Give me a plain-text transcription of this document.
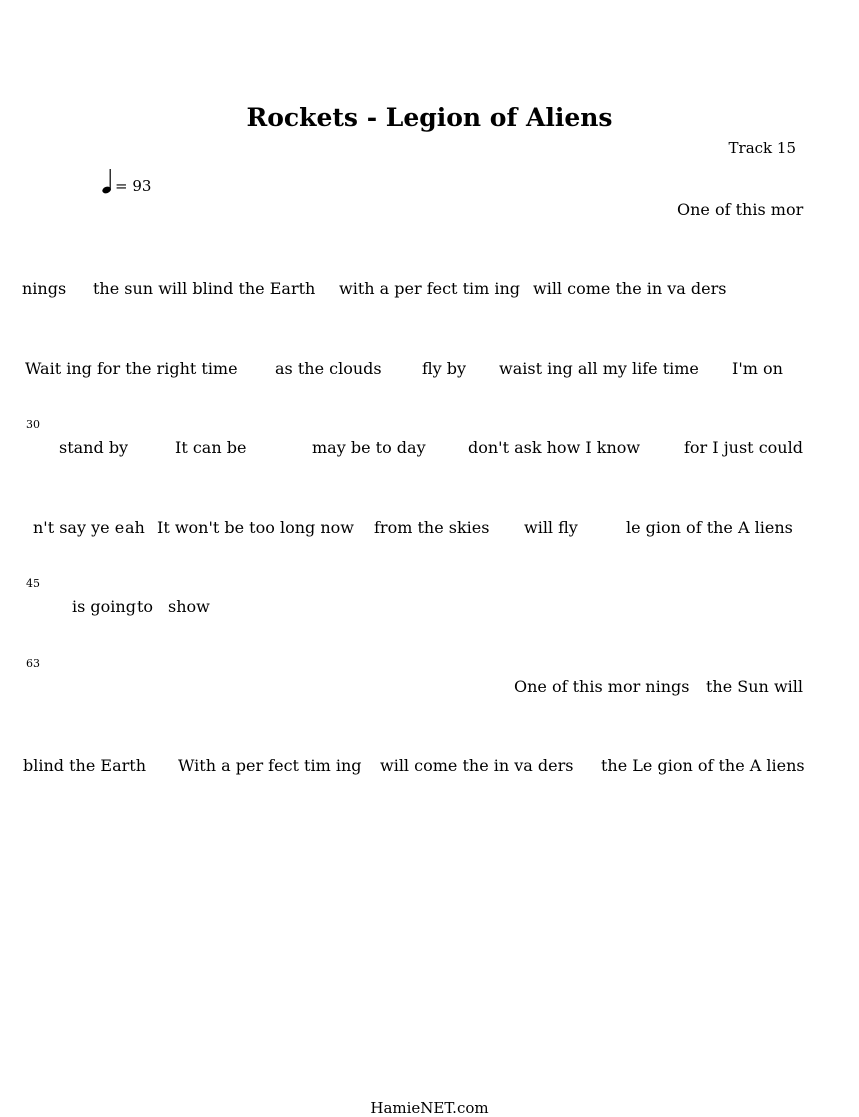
Rockets - Legion of Aliens
Track 15
= 93
One of this mor
nings the sun will blind the Earth with a per fect tim ing will come the in va ders
Wait ing for the right time as the clouds	fly by waist ing all my life time I'm on
30
stand by	It can be	may be to day	don't ask how I know	for I just could
n't say ye e ah It won't be too long now from the skies will fly	le gion of the A liens
45
is going to show
63
One of this mor nings the Sun will
blind the Earth With a per fect tim ing will come the in va ders the Le gion of the A liens
HamieNET.com
